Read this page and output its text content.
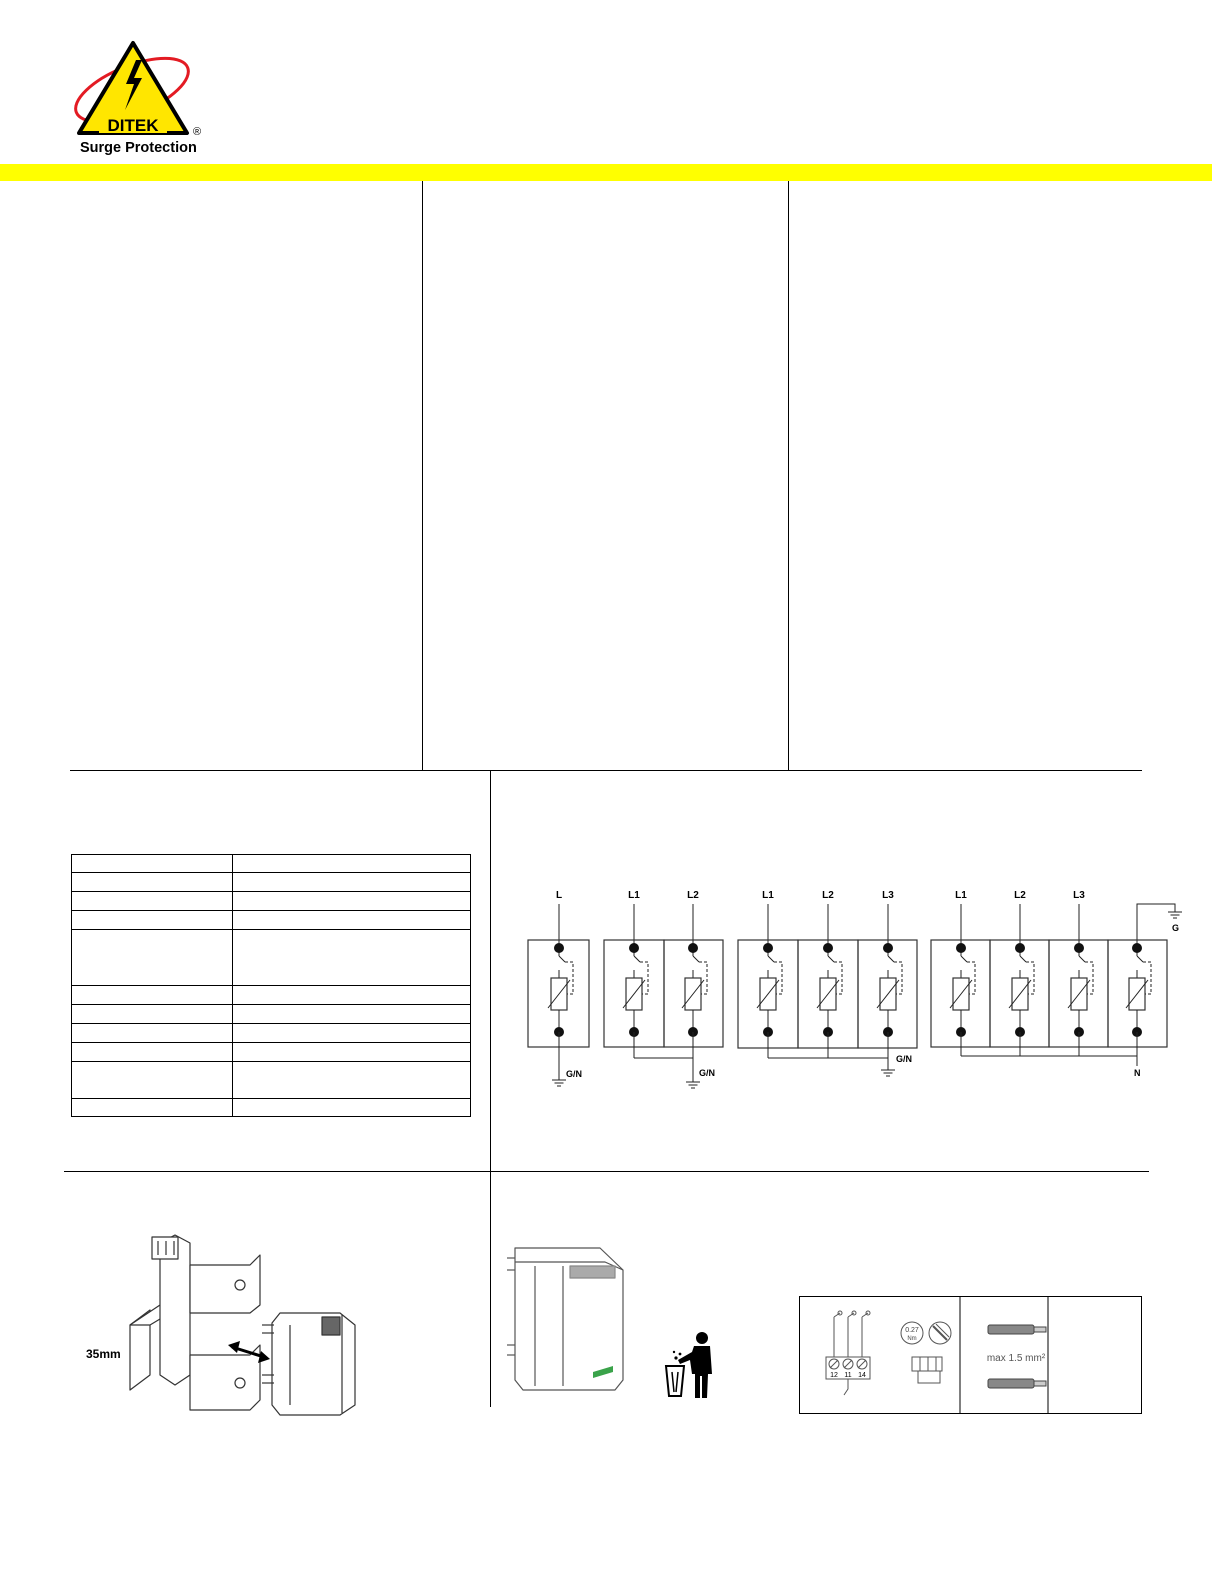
DITEK	®
Surge Protection

L
G/N
L1	L2
G/N
L1	L2	L3
G/N
L1	L2	L3
G
N
35mm
12 11 14
0.27
Nm
max 1.5 mm²
